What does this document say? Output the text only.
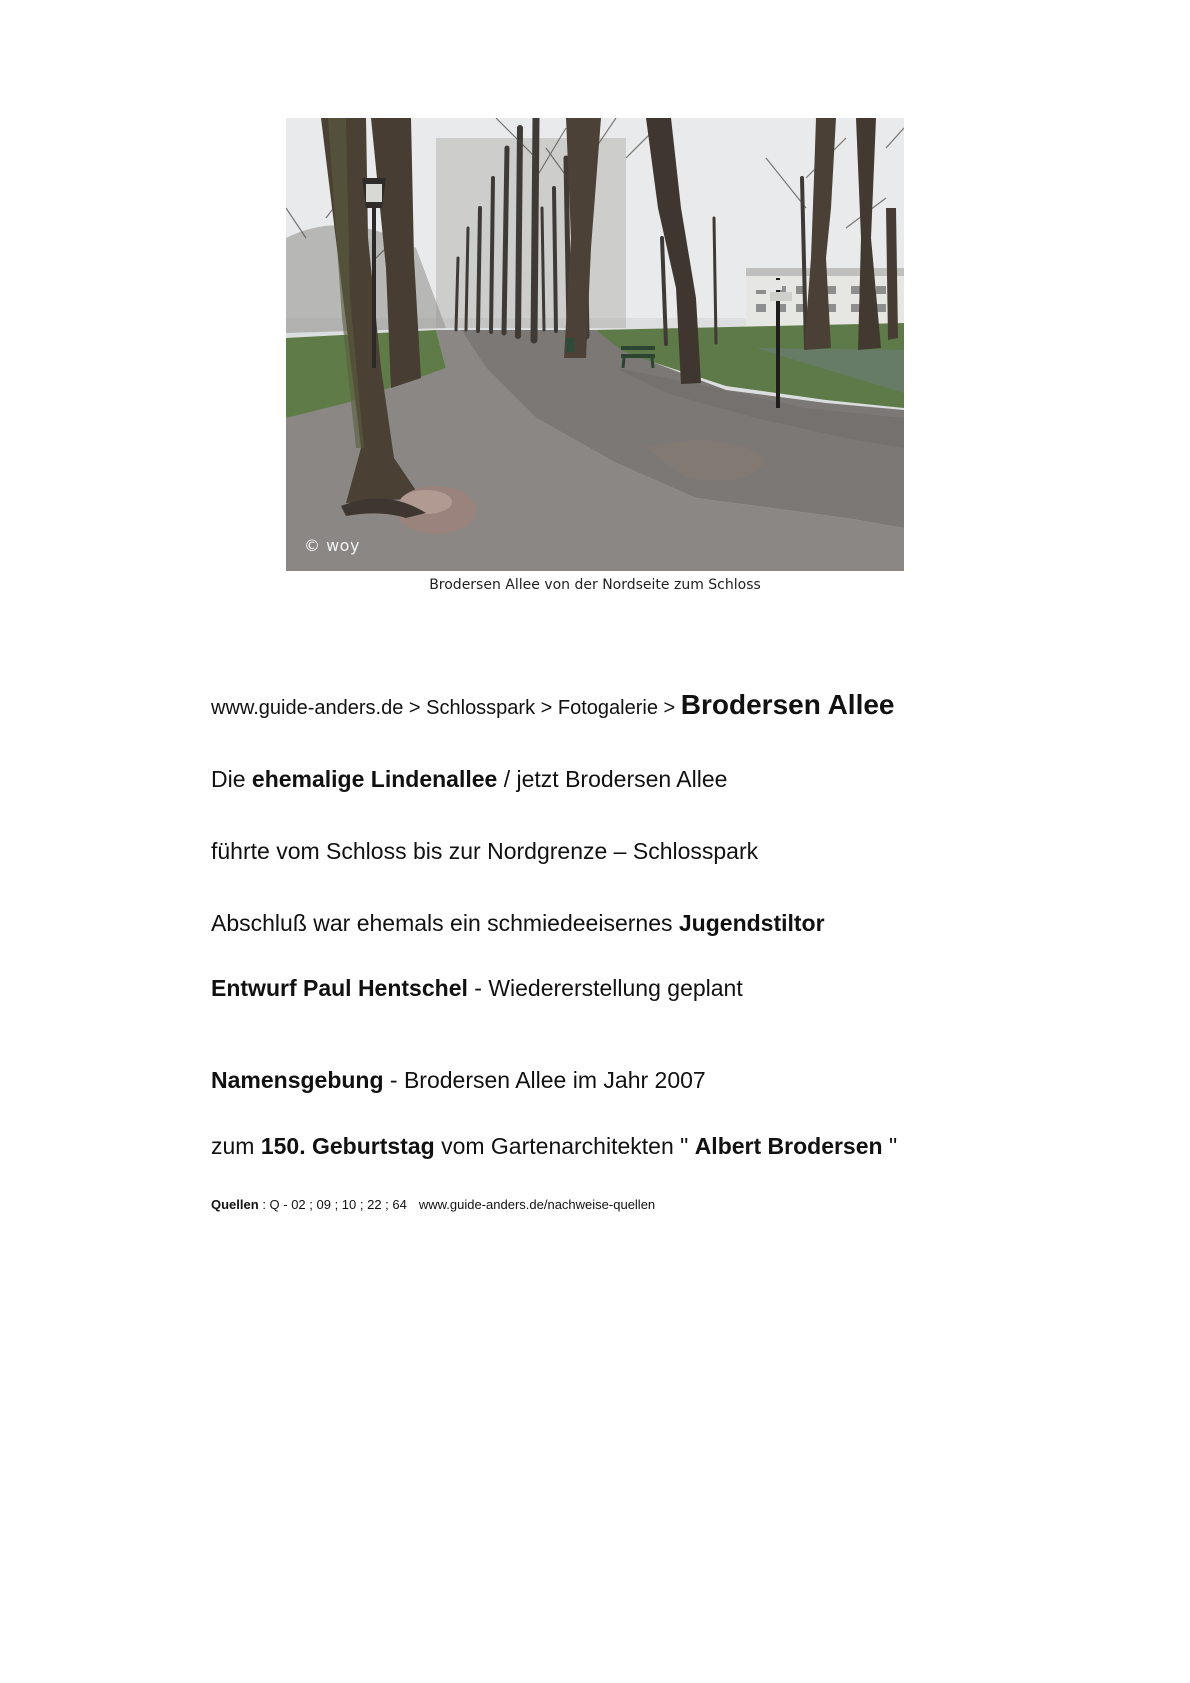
© woy
Brodersen Allee von der Nordseite zum Schloss
www.guide-anders.de > Schlosspark > Fotogalerie > Brodersen Allee
Die ehemalige Lindenallee / jetzt Brodersen Allee
führte vom Schloss bis zur Nordgrenze – Schlosspark
Abschluß war ehemals ein schmiedeeisernes Jugendstiltor
Entwurf Paul Hentschel - Wiedererstellung geplant
Namensgebung - Brodersen Allee im Jahr 2007
zum 150. Geburtstag vom Gartenarchitekten " Albert Brodersen "
Quellen : Q - 02 ; 09 ; 10 ; 22 ; 64 www.guide-anders.de/nachweise-quellen
